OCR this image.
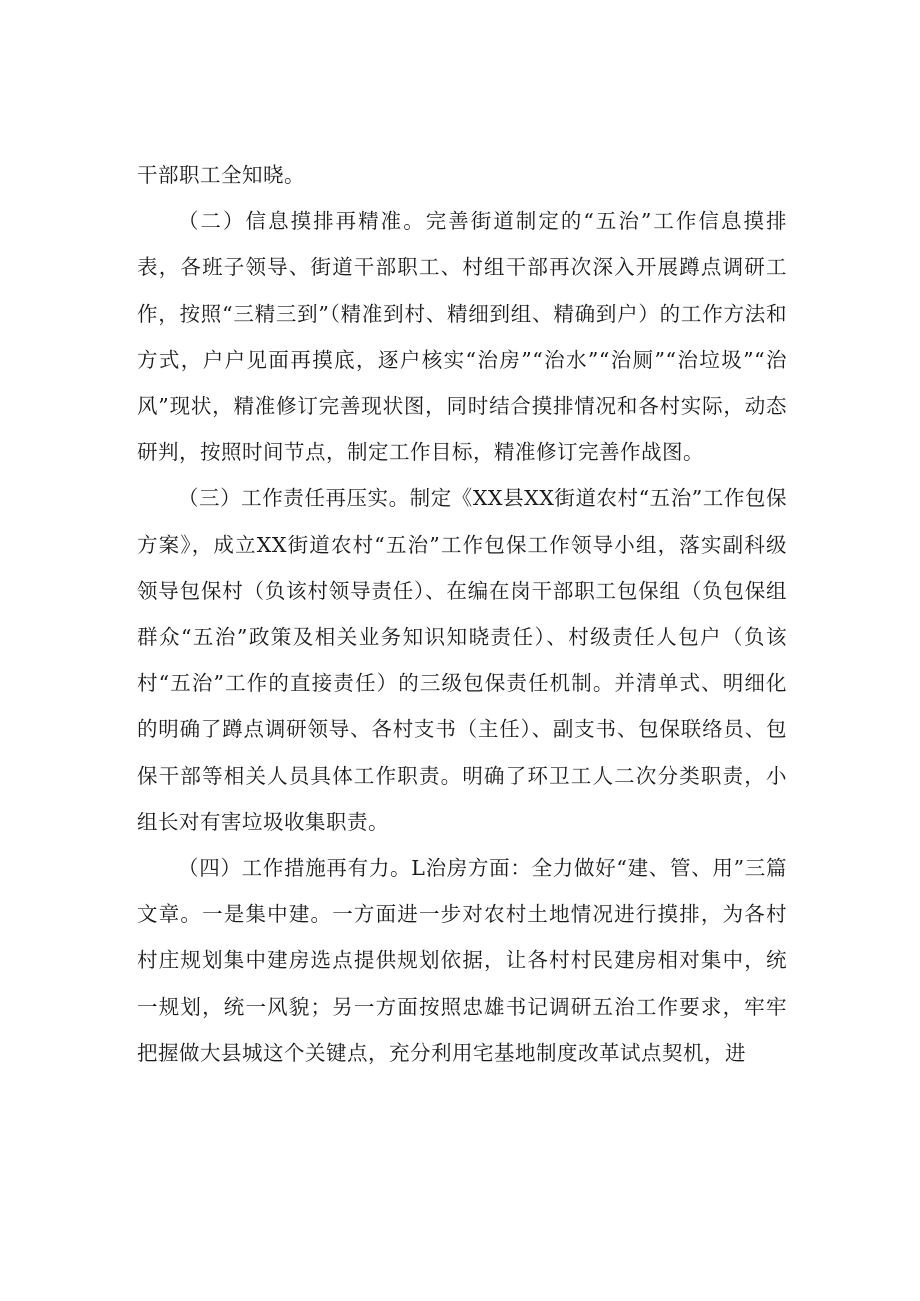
干部职工全知晓。

（二）信息摸排再精准。完善街道制定的“五治”工作信息摸排表，各班子领导、街道干部职工、村组干部再次深入开展蹲点调研工作，按照“三精三到”（精准到村、精细到组、精确到户）的工作方法和方式，户户见面再摸底，逐户核实“治房”“治水”“治厕”“治垃圾”“治风”现状，精准修订完善现状图，同时结合摸排情况和各村实际，动态研判，按照时间节点，制定工作目标，精准修订完善作战图。

（三）工作责任再压实。制定《XX县XX街道农村“五治”工作包保方案》，成立XX街道农村“五治”工作包保工作领导小组，落实副科级领导包保村（负该村领导责任）、在编在岗干部职工包保组（负包保组群众“五治”政策及相关业务知识知晓责任）、村级责任人包户（负该村“五治”工作的直接责任）的三级包保责任机制。并清单式、明细化的明确了蹲点调研领导、各村支书（主任）、副支书、包保联络员、包保干部等相关人员具体工作职责。明确了环卫工人二次分类职责，小组长对有害垃圾收集职责。

（四）工作措施再有力。L治房方面：全力做好“建、管、用”三篇文章。一是集中建。一方面进一步对农村土地情况进行摸排，为各村村庄规划集中建房选点提供规划依据，让各村村民建房相对集中，统一规划，统一风貌；另一方面按照忠雄书记调研五治工作要求，牢牢把握做大县城这个关键点，充分利用宅基地制度改革试点契机，进
